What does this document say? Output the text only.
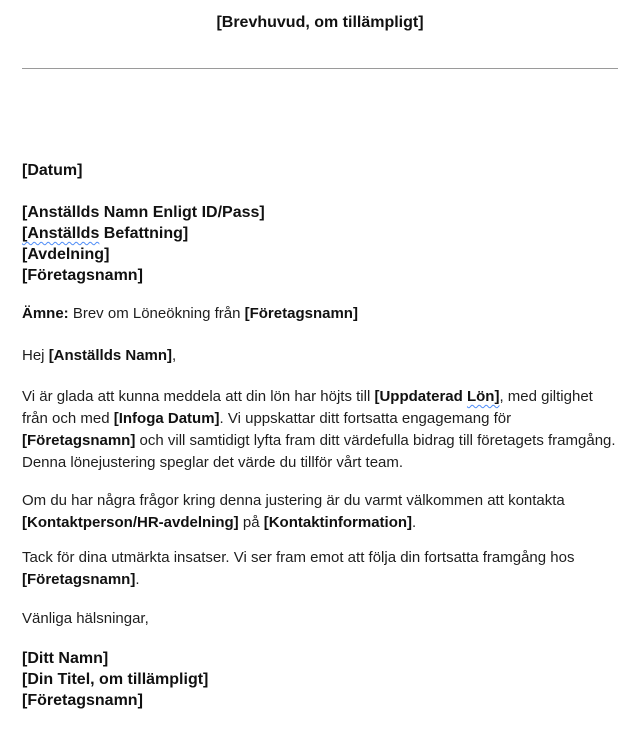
[Brevhuvud, om tillämpligt]

[Datum]

[Anställds Namn Enligt ID/Pass]

[Anställds Befattning]

[Avdelning]

[Företagsnamn]

Ämne: Brev om Löneökning från [Företagsnamn]

Hej [Anställds Namn],

Vi är glada att kunna meddela att din lön har höjts till [Uppdaterad Lön], med giltighet från och med [Infoga Datum]. Vi uppskattar ditt fortsatta engagemang för [Företagsnamn] och vill samtidigt lyfta fram ditt värdefulla bidrag till företagets framgång. Denna lönejustering speglar det värde du tillför vårt team.

Om du har några frågor kring denna justering är du varmt välkommen att kontakta [Kontaktperson/HR-avdelning] på [Kontaktinformation].

Tack för dina utmärkta insatser. Vi ser fram emot att följa din fortsatta framgång hos [Företagsnamn].

Vänliga hälsningar,

[Ditt Namn]

[Din Titel, om tillämpligt]

[Företagsnamn]
